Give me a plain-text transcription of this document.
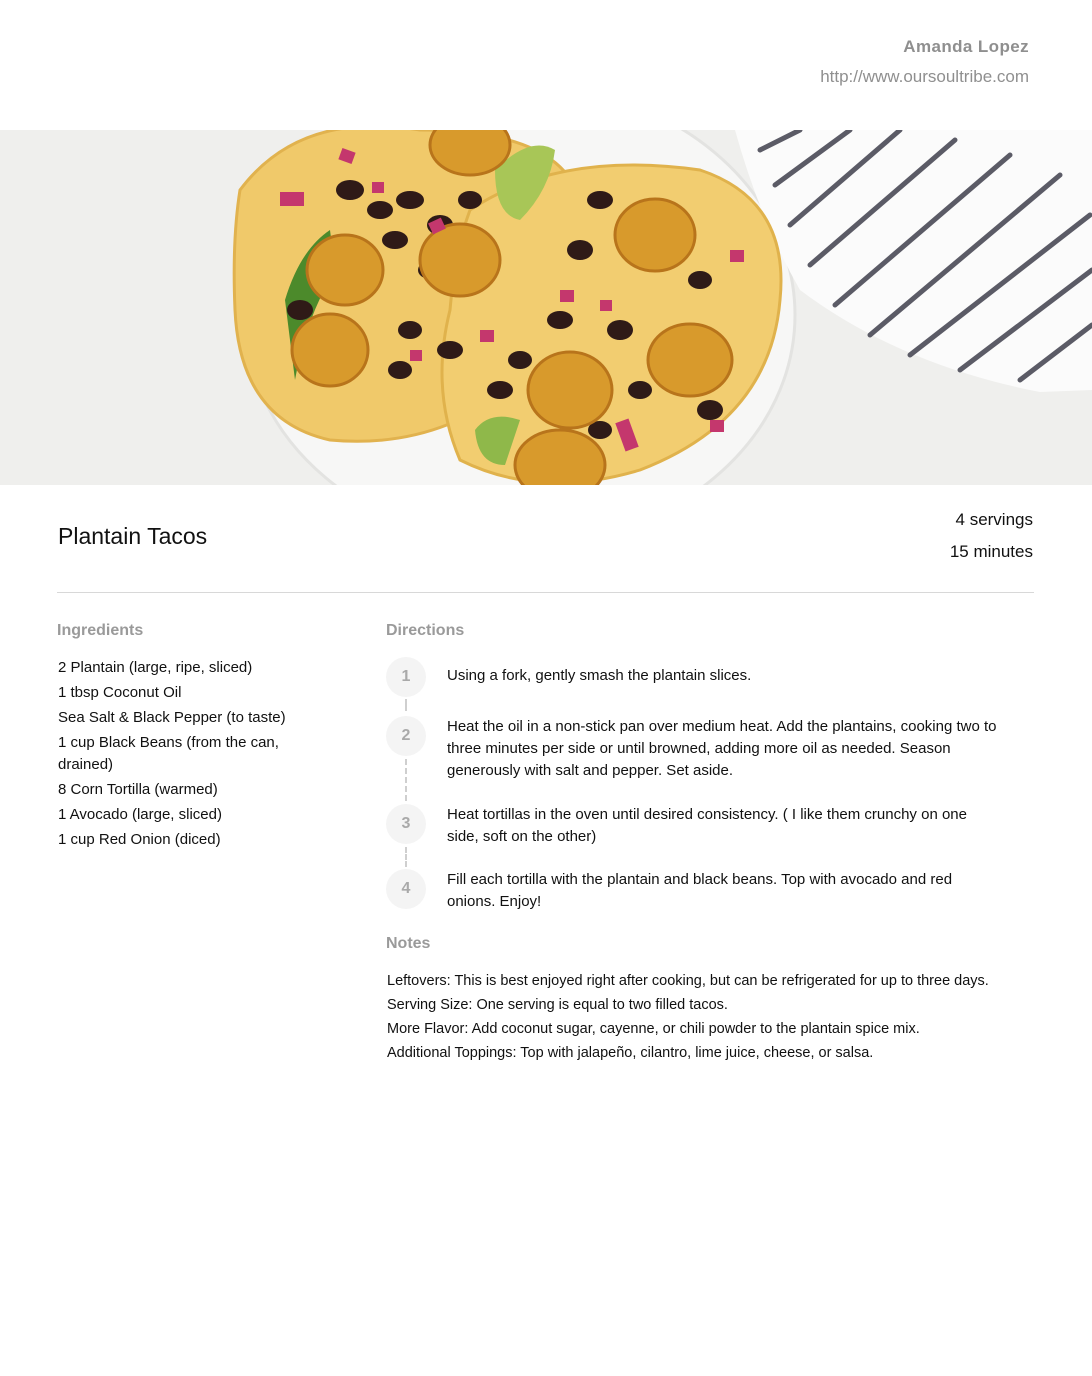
Amanda Lopez
http://www.oursoultribe.com
Plantain Tacos
4 servings
15 minutes
Ingredients
2 Plantain (large, ripe, sliced)
1 tbsp Coconut Oil
Sea Salt & Black Pepper (to taste)
1 cup Black Beans (from the can, drained)
8 Corn Tortilla (warmed)
1 Avocado (large, sliced)
1 cup Red Onion (diced)
Directions
1	Using a fork, gently smash the plantain slices.
2
Heat the oil in a non-stick pan over medium heat. Add the plantains, cooking two to three minutes per side or until browned, adding more oil as needed. Season generously with salt and pepper. Set aside.
3
Heat tortillas in the oven until desired consistency. ( I like them crunchy on one side, soft on the other)
4
Fill each tortilla with the plantain and black beans. Top with avocado and red onions. Enjoy!
Notes
Leftovers: This is best enjoyed right after cooking, but can be refrigerated for up to three days.
Serving Size: One serving is equal to two filled tacos.
More Flavor: Add coconut sugar, cayenne, or chili powder to the plantain spice mix.
Additional Toppings: Top with jalapeño, cilantro, lime juice, cheese, or salsa.
